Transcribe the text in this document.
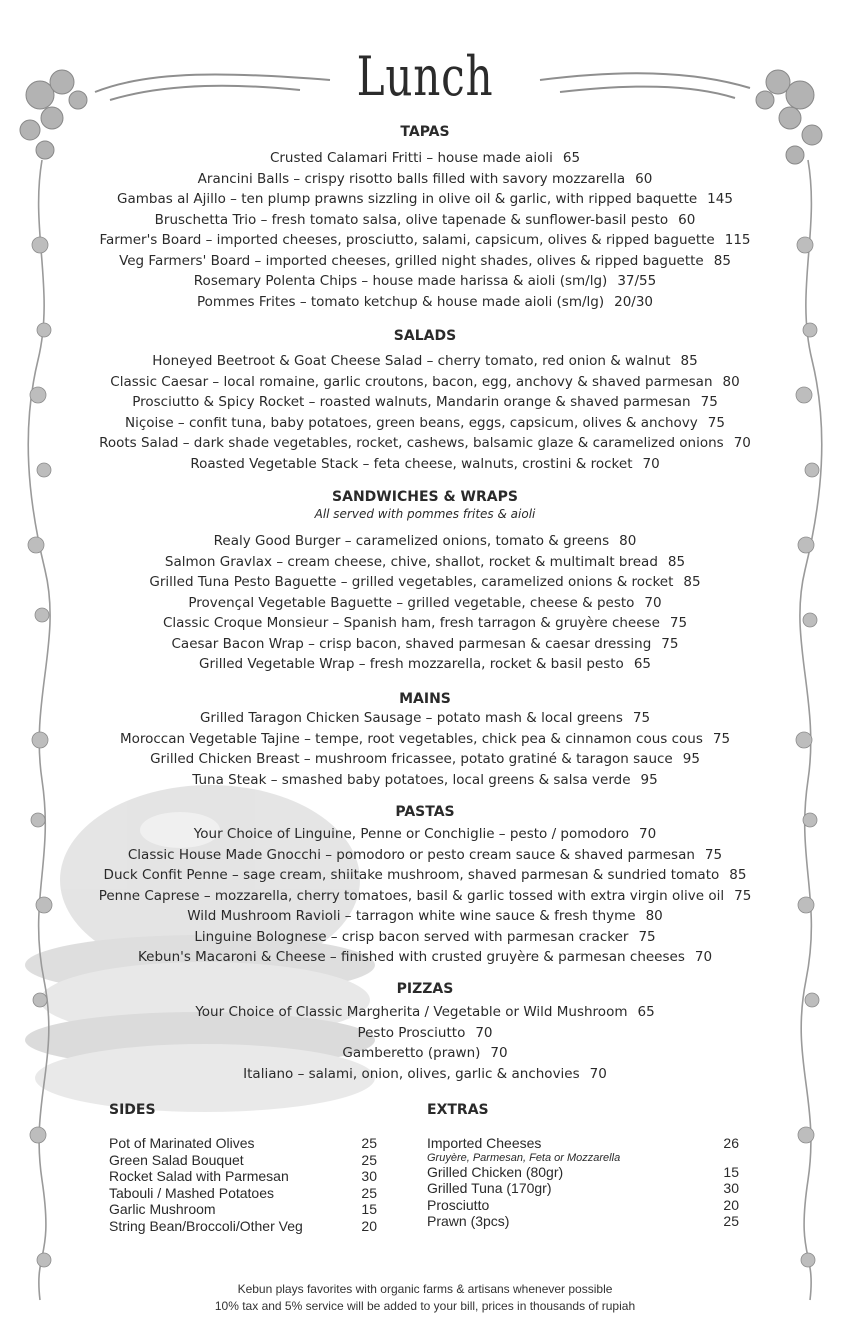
Lunch
TAPAS
Crusted Calamari Fritti – house made aioli 65
Arancini Balls – crispy risotto balls filled with savory mozzarella 60
Gambas al Ajillo – ten plump prawns sizzling in olive oil & garlic, with ripped baquette 145
Bruschetta Trio – fresh tomato salsa, olive tapenade & sunflower-basil pesto 60
Farmer's Board – imported cheeses, prosciutto, salami, capsicum, olives & ripped baguette 115
Veg Farmers' Board – imported cheeses, grilled night shades, olives & ripped baguette 85
Rosemary Polenta Chips – house made harissa & aioli (sm/lg) 37/55
Pommes Frites – tomato ketchup & house made aioli (sm/lg) 20/30
SALADS
Honeyed Beetroot & Goat Cheese Salad – cherry tomato, red onion & walnut 85
Classic Caesar – local romaine, garlic croutons, bacon, egg, anchovy & shaved parmesan 80
Prosciutto & Spicy Rocket – roasted walnuts, Mandarin orange & shaved parmesan 75
Niçoise – confit tuna, baby potatoes, green beans, eggs, capsicum, olives & anchovy 75
Roots Salad – dark shade vegetables, rocket, cashews, balsamic glaze & caramelized onions 70
Roasted Vegetable Stack – feta cheese, walnuts, crostini & rocket 70
SANDWICHES & WRAPS
All served with pommes frites & aioli
Realy Good Burger – caramelized onions, tomato & greens 80
Salmon Gravlax – cream cheese, chive, shallot, rocket & multimalt bread 85
Grilled Tuna Pesto Baguette – grilled vegetables, caramelized onions & rocket 85
Provençal Vegetable Baguette – grilled vegetable, cheese & pesto 70
Classic Croque Monsieur – Spanish ham, fresh tarragon & gruyère cheese 75
Caesar Bacon Wrap – crisp bacon, shaved parmesan & caesar dressing 75
Grilled Vegetable Wrap – fresh mozzarella, rocket & basil pesto 65
MAINS
Grilled Taragon Chicken Sausage – potato mash & local greens 75
Moroccan Vegetable Tajine – tempe, root vegetables, chick pea & cinnamon cous cous 75
Grilled Chicken Breast – mushroom fricassee, potato gratiné & taragon sauce 95
Tuna Steak – smashed baby potatoes, local greens & salsa verde 95
PASTAS
Your Choice of Linguine, Penne or Conchiglie – pesto / pomodoro 70
Classic House Made Gnocchi – pomodoro or pesto cream sauce & shaved parmesan 75
Duck Confit Penne – sage cream, shiitake mushroom, shaved parmesan & sundried tomato 85
Penne Caprese – mozzarella, cherry tomatoes, basil & garlic tossed with extra virgin olive oil 75
Wild Mushroom Ravioli – tarragon white wine sauce & fresh thyme 80
Linguine Bolognese – crisp bacon served with parmesan cracker 75
Kebun's Macaroni & Cheese – finished with crusted gruyère & parmesan cheeses 70
PIZZAS
Your Choice of Classic Margherita / Vegetable or Wild Mushroom 65
Pesto Prosciutto 70
Gamberetto (prawn) 70
Italiano – salami, onion, olives, garlic & anchovies 70
SIDES
Pot of Marinated Olives	25
Green Salad Bouquet	25
Rocket Salad with Parmesan	30
Tabouli / Mashed Potatoes	25
Garlic Mushroom	15
String Bean/Broccoli/Other Veg	20
EXTRAS
Imported Cheeses	26
Gruyère, Parmesan, Feta or Mozzarella
Grilled Chicken (80gr)	15
Grilled Tuna (170gr)	30
Prosciutto	20
Prawn (3pcs)	25
Kebun plays favorites with organic farms & artisans whenever possible
10% tax and 5% service will be added to your bill, prices in thousands of rupiah
